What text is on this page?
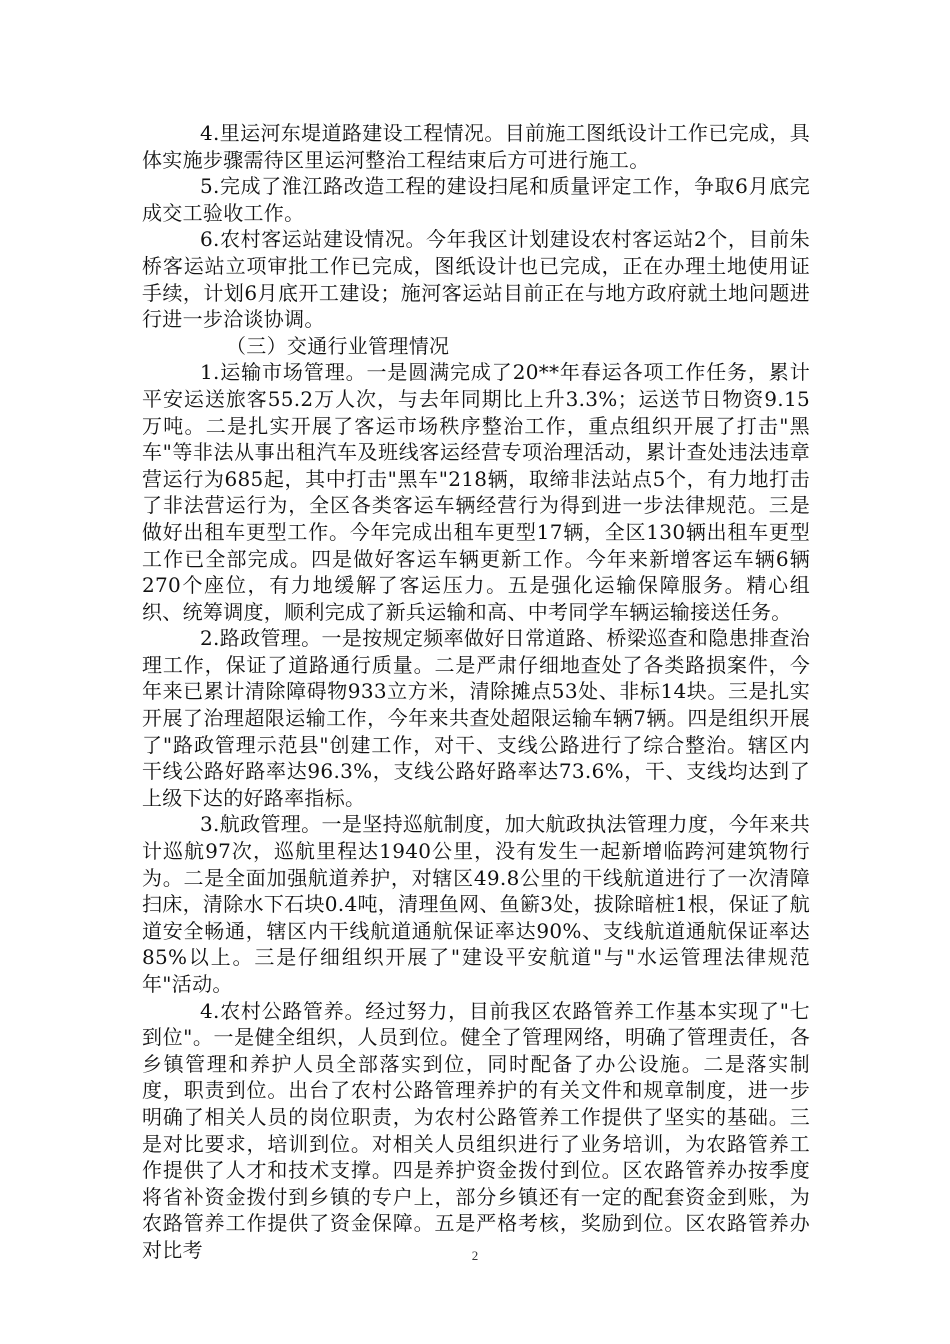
4.里运河东堤道路建设工程情况。目前施工图纸设计工作已完成，具体实施步骤需待区里运河整治工程结束后方可进行施工。

5.完成了淮江路改造工程的建设扫尾和质量评定工作，争取6月底完成交工验收工作。

6.农村客运站建设情况。今年我区计划建设农村客运站2个，目前朱桥客运站立项审批工作已完成，图纸设计也已完成，正在办理土地使用证手续，计划6月底开工建设；施河客运站目前正在与地方政府就土地问题进行进一步洽谈协调。

（三）交通行业管理情况

1.运输市场管理。一是圆满完成了20**年春运各项工作任务，累计平安运送旅客55.2万人次，与去年同期比上升3.3%；运送节日物资9.15万吨。二是扎实开展了客运市场秩序整治工作，重点组织开展了打击"黑车"等非法从事出租汽车及班线客运经营专项治理活动，累计查处违法违章营运行为685起，其中打击"黑车"218辆，取缔非法站点5个，有力地打击了非法营运行为，全区各类客运车辆经营行为得到进一步法律规范。三是做好出租车更型工作。今年完成出租车更型17辆，全区130辆出租车更型工作已全部完成。四是做好客运车辆更新工作。今年来新增客运车辆6辆270个座位，有力地缓解了客运压力。五是强化运输保障服务。精心组织、统筹调度，顺利完成了新兵运输和高、中考同学车辆运输接送任务。

2.路政管理。一是按规定频率做好日常道路、桥梁巡查和隐患排查治理工作，保证了道路通行质量。二是严肃仔细地查处了各类路损案件，今年来已累计清除障碍物933立方米，清除摊点53处、非标14块。三是扎实开展了治理超限运输工作，今年来共查处超限运输车辆7辆。四是组织开展了"路政管理示范县"创建工作，对干、支线公路进行了综合整治。辖区内干线公路好路率达96.3%，支线公路好路率达73.6%，干、支线均达到了上级下达的好路率指标。

3.航政管理。一是坚持巡航制度，加大航政执法管理力度，今年来共计巡航97次，巡航里程达1940公里，没有发生一起新增临跨河建筑物行为。二是全面加强航道养护，对辖区49.8公里的干线航道进行了一次清障扫床，清除水下石块0.4吨，清理鱼网、鱼簖3处，拔除暗桩1根，保证了航道安全畅通，辖区内干线航道通航保证率达90%、支线航道通航保证率达85%以上。三是仔细组织开展了"建设平安航道"与"水运管理法律规范年"活动。

4.农村公路管养。经过努力，目前我区农路管养工作基本实现了"七到位"。一是健全组织，人员到位。健全了管理网络，明确了管理责任，各乡镇管理和养护人员全部落实到位，同时配备了办公设施。二是落实制度，职责到位。出台了农村公路管理养护的有关文件和规章制度，进一步明确了相关人员的岗位职责，为农村公路管养工作提供了坚实的基础。三是对比要求，培训到位。对相关人员组织进行了业务培训，为农路管养工作提供了人才和技术支撑。四是养护资金拨付到位。区农路管养办按季度将省补资金拨付到乡镇的专户上，部分乡镇还有一定的配套资金到账，为农路管养工作提供了资金保障。五是严格考核，奖励到位。区农路管养办对比考	2
